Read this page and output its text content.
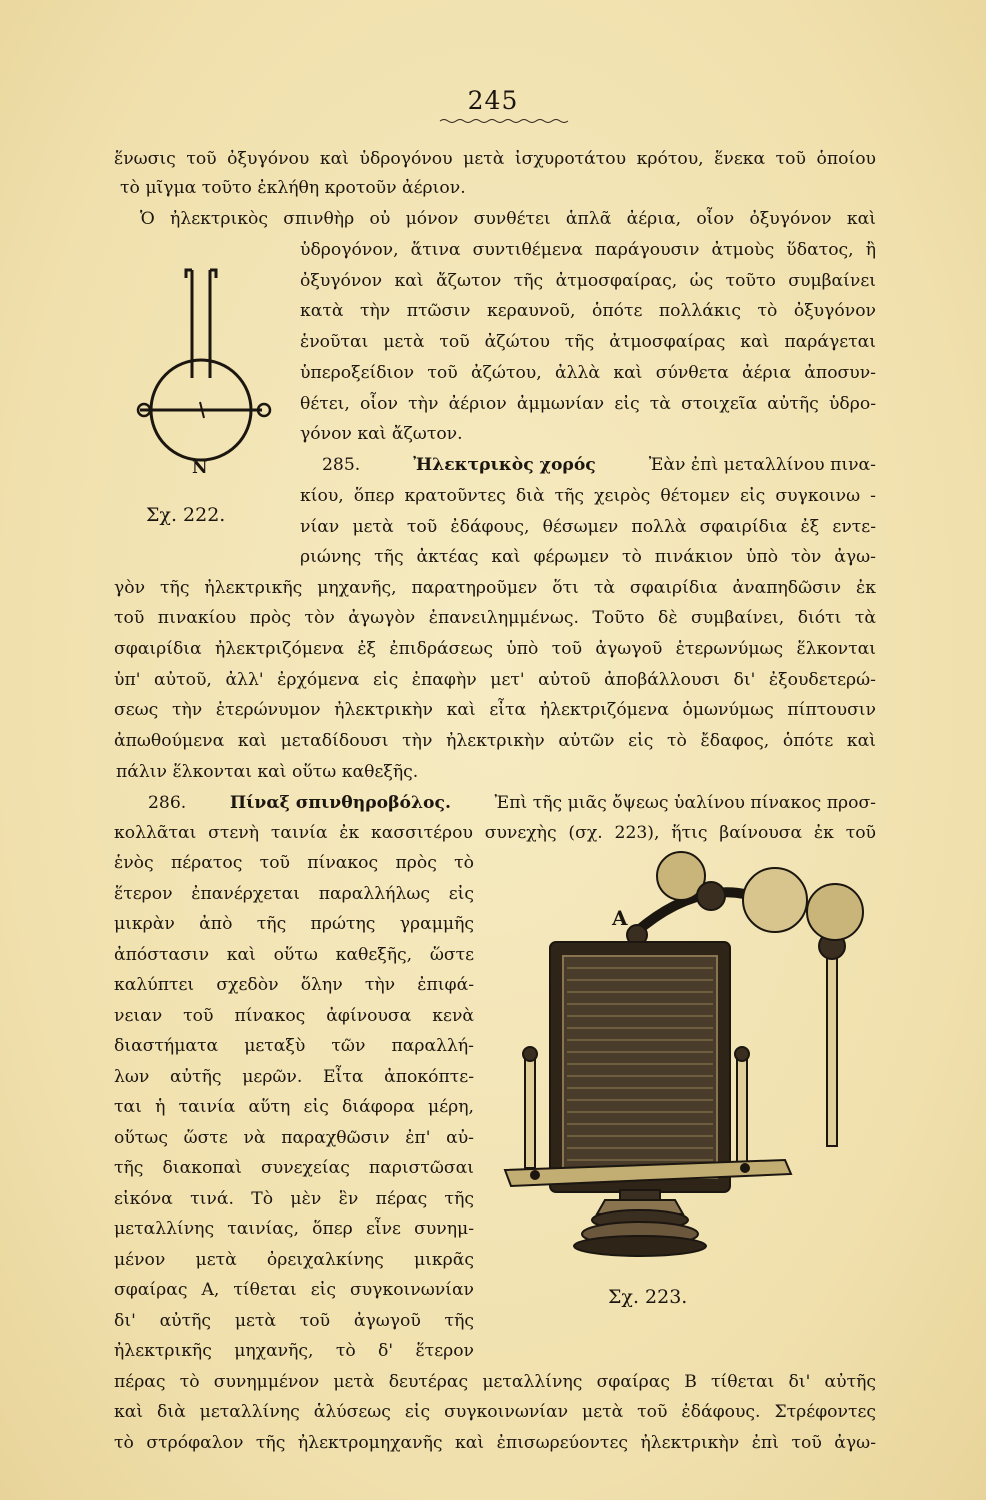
245
ἕνωσις τοῦ ὀξυγόνου καὶ ὑδρογόνου μετὰ ἰσχυροτάτου κρότου, ἕνεκα τοῦ ὁποίου
τὸ μῖγμα τοῦτο ἐκλήθη κροτοῦν ἀέριον.
Ὁ ἠλεκτρικὸς σπινθὴρ οὐ μόνον συνθέτει ἁπλᾶ ἀέρια, οἷον ὀξυγόνον καὶ
ὑδρογόνον, ἅτινα συντιθέμενα παράγουσιν ἀτμοὺς ὕδατος, ἢ
ὀξυγόνον καὶ ἄζωτον τῆς ἀτμοσφαίρας, ὡς τοῦτο συμβαίνει
κατὰ τὴν πτῶσιν κεραυνοῦ, ὁπότε πολλάκις τὸ ὀξυγόνον
ἑνοῦται μετὰ τοῦ ἀζώτου τῆς ἀτμοσφαίρας καὶ παράγεται
ὑπεροξείδιον τοῦ ἀζώτου, ἀλλὰ καὶ σύνθετα ἀέρια ἀποσυν-
θέτει, οἷον τὴν ἀέριον ἀμμωνίαν εἰς τὰ στοιχεῖα αὐτῆς ὑδρο-
γόνον καὶ ἄζωτον.
285.	Ἠλεκτρικὸς χορός	Ἐὰν ἐπὶ μεταλλίνου πινα-
κίου, ὅπερ κρατοῦντες διὰ τῆς χειρὸς θέτομεν εἰς συγκοινω -
νίαν μετὰ τοῦ ἐδάφους, θέσωμεν πολλὰ σφαιρίδια ἐξ εντε-
ριώνης τῆς ἀκτέας καὶ φέρωμεν τὸ πινάκιον ὑπὸ τὸν ἀγω-
γὸν τῆς ἠλεκτρικῆς μηχανῆς, παρατηροῦμεν ὅτι τὰ σφαιρίδια ἀναπηδῶσιν ἐκ
τοῦ πινακίου πρὸς τὸν ἀγωγὸν ἐπανειλημμένως. Τοῦτο δὲ συμβαίνει, διότι τὰ
σφαιρίδια ἠλεκτριζόμενα ἐξ ἐπιδράσεως ὑπὸ τοῦ ἀγωγοῦ ἑτερωνύμως ἕλκονται
ὑπ' αὐτοῦ, ἀλλ' ἐρχόμενα εἰς ἐπαφὴν μετ' αὐτοῦ ἀποβάλλουσι δι' ἐξουδετερώ-
σεως τὴν ἑτερώνυμον ἠλεκτρικὴν καὶ εἶτα ἠλεκτριζόμενα ὁμωνύμως πίπτουσιν
ἀπωθούμενα καὶ μεταδίδουσι τὴν ἠλεκτρικὴν αὐτῶν εἰς τὸ ἔδαφος, ὁπότε καὶ
πάλιν ἕλκονται καὶ οὕτω καθεξῆς.
286.	Πίναξ σπινθηροβόλος.	Ἐπὶ τῆς μιᾶς ὄψεως ὑαλίνου πίνακος προσ-
κολλᾶται στενὴ ταινία ἐκ κασσιτέρου συνεχὴς (σχ. 223), ἥτις βαίνουσα ἐκ τοῦ
ἑνὸς πέρατος τοῦ πίνακος πρὸς τὸ
ἕτερον ἐπανέρχεται παραλλήλως εἰς
μικρὰν ἀπὸ τῆς πρώτης γραμμῆς
ἀπόστασιν καὶ οὕτω καθεξῆς, ὥστε
καλύπτει σχεδὸν ὅλην τὴν ἐπιφά-
νειαν τοῦ πίνακος ἀφίνουσα κενὰ
διαστήματα μεταξὺ τῶν παραλλή-
λων αὐτῆς μερῶν. Εἶτα ἀποκόπτε-
ται ἡ ταινία αὕτη εἰς διάφορα μέρη,
οὕτως ὥστε νὰ παραχθῶσιν ἐπ' αὐ-
τῆς διακοπαὶ συνεχείας παριστῶσαι
εἰκόνα τινά. Τὸ μὲν ἓν πέρας τῆς
μεταλλίνης ταινίας, ὅπερ εἶνε συνημ-
μένον μετὰ ὀρειχαλκίνης μικρᾶς
σφαίρας Α, τίθεται εἰς συγκοινωνίαν
δι' αὐτῆς μετὰ τοῦ ἀγωγοῦ τῆς
ἠλεκτρικῆς μηχανῆς, τὸ δ' ἕτερον
πέρας τὸ συνημμένον μετὰ δευτέρας μεταλλίνης σφαίρας Β τίθεται δι' αὐτῆς
καὶ διὰ μεταλλίνης ἁλύσεως εἰς συγκοινωνίαν μετὰ τοῦ ἐδάφους. Στρέφοντες
τὸ στρόφαλον τῆς ἠλεκτρομηχανῆς καὶ ἐπισωρεύοντες ἠλεκτρικὴν ἐπὶ τοῦ ἀγω-
N
Σχ. 222.
A
Σχ. 223.
